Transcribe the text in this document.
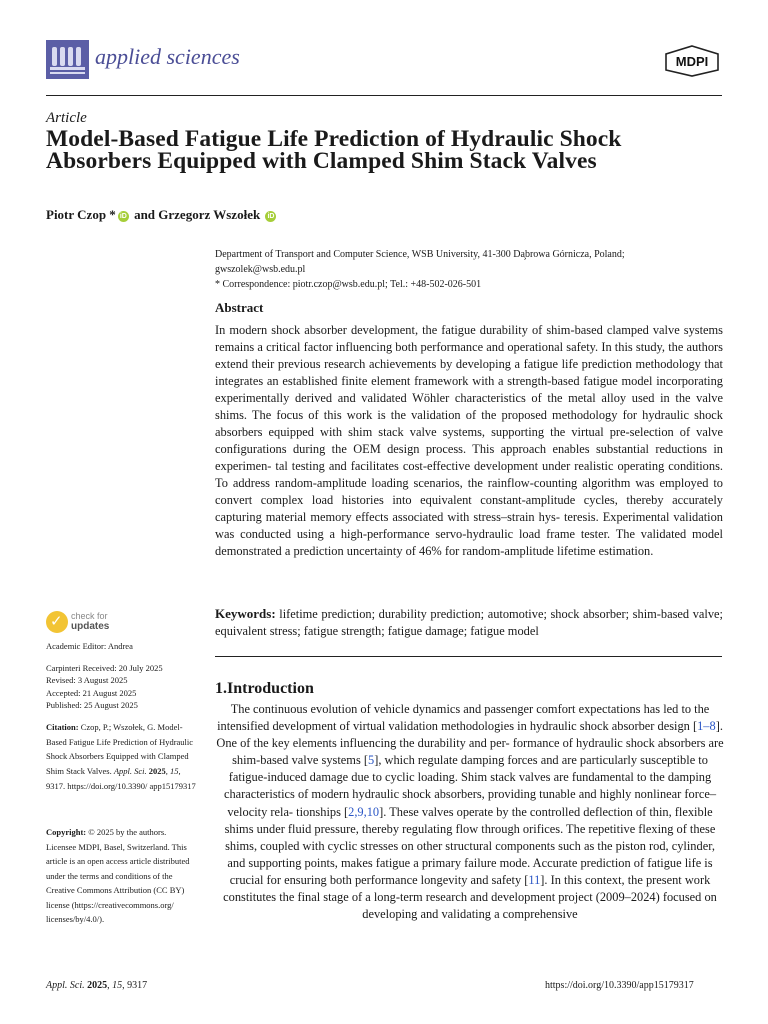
applied sciences	MDPI
Article
Model-Based Fatigue Life Prediction of Hydraulic Shock Absorbers Equipped with Clamped Shim Stack Valves
Piotr Czop * iD and Grzegorz Wszołek iD
Department of Transport and Computer Science, WSB University, 41-300 Da̧browa Górnicza, Poland; gwszolek@wsb.edu.pl
* Correspondence: piotr.czop@wsb.edu.pl; Tel.: +48-502-026-501
Abstract
In modern shock absorber development, the fatigue durability of shim-based clamped valve systems remains a critical factor influencing both performance and operational safety. In this study, the authors extend their previous research achievements by developing a fatigue life prediction methodology that integrates an established finite element framework with a strength-based fatigue model incorporating experimentally derived and validated Wöhler characteristics of the metal alloy used in the valve shims. The focus of this work is the validation of the proposed methodology for hydraulic shock absorbers equipped with shim stack valve systems, supporting the virtual pre-selection of valve configurations during the OEM design process. This approach enables substantial reductions in experimen- tal testing and facilitates cost-effective development under realistic operating conditions. To address random-amplitude loading scenarios, the rainflow-counting algorithm was employed to convert complex load histories into equivalent constant-amplitude cycles, thereby accurately capturing material memory effects associated with stress–strain hys- teresis. Experimental validation was conducted using a high-performance servo-hydraulic load frame tester. The validated model demonstrated a prediction uncertainty of 46% for random-amplitude lifetime estimation.
Keywords: lifetime prediction; durability prediction; automotive; shock absorber; shim-based valve; equivalent stress; fatigue strength; fatigue damage; fatigue model
1.Introduction
The continuous evolution of vehicle dynamics and passenger comfort expectations has led to the intensified development of virtual validation methodologies in hydraulic shock absorber design [1–8]. One of the key elements influencing the durability and per- formance of hydraulic shock absorbers are shim-based valve systems [5], which regulate damping forces and are particularly susceptible to fatigue-induced damage due to cyclic loading. Shim stack valves are fundamental to the damping characteristics of modern hydraulic shock absorbers, providing tunable and highly nonlinear force–velocity rela- tionships [2,9,10]. These valves operate by the controlled deflection of thin, flexible shims under fluid pressure, thereby regulating flow through orifices. The repetitive flexing of these shims, coupled with cyclic stresses on other structural components such as the piston rod, cylinder, and supporting points, makes fatigue a primary failure mode. Accurate prediction of fatigue life is crucial for ensuring both performance longevity and safety [11]. In this context, the present work constitutes the final stage of a long-term research and development project (2009–2024) focused on developing and validating a comprehensive
✓ check for
updates
Academic Editor: Andrea
Carpinteri Received: 20 July 2025
Revised: 3 August 2025
Accepted: 21 August 2025
Published: 25 August 2025
Citation: Czop, P.; Wszołek, G. Model-Based Fatigue Life Prediction of Hydraulic Shock Absorbers Equipped with Clamped Shim Stack Valves. Appl. Sci. 2025, 15, 9317. https://doi.org/10.3390/ app15179317
Copyright: © 2025 by the authors. Licensee MDPI, Basel, Switzerland. This article is an open access article distributed under the terms and conditions of the Creative Commons Attribution (CC BY) license (https://creativecommons.org/ licenses/by/4.0/).
Appl. Sci. 2025, 15, 9317	https://doi.org/10.3390/app15179317
